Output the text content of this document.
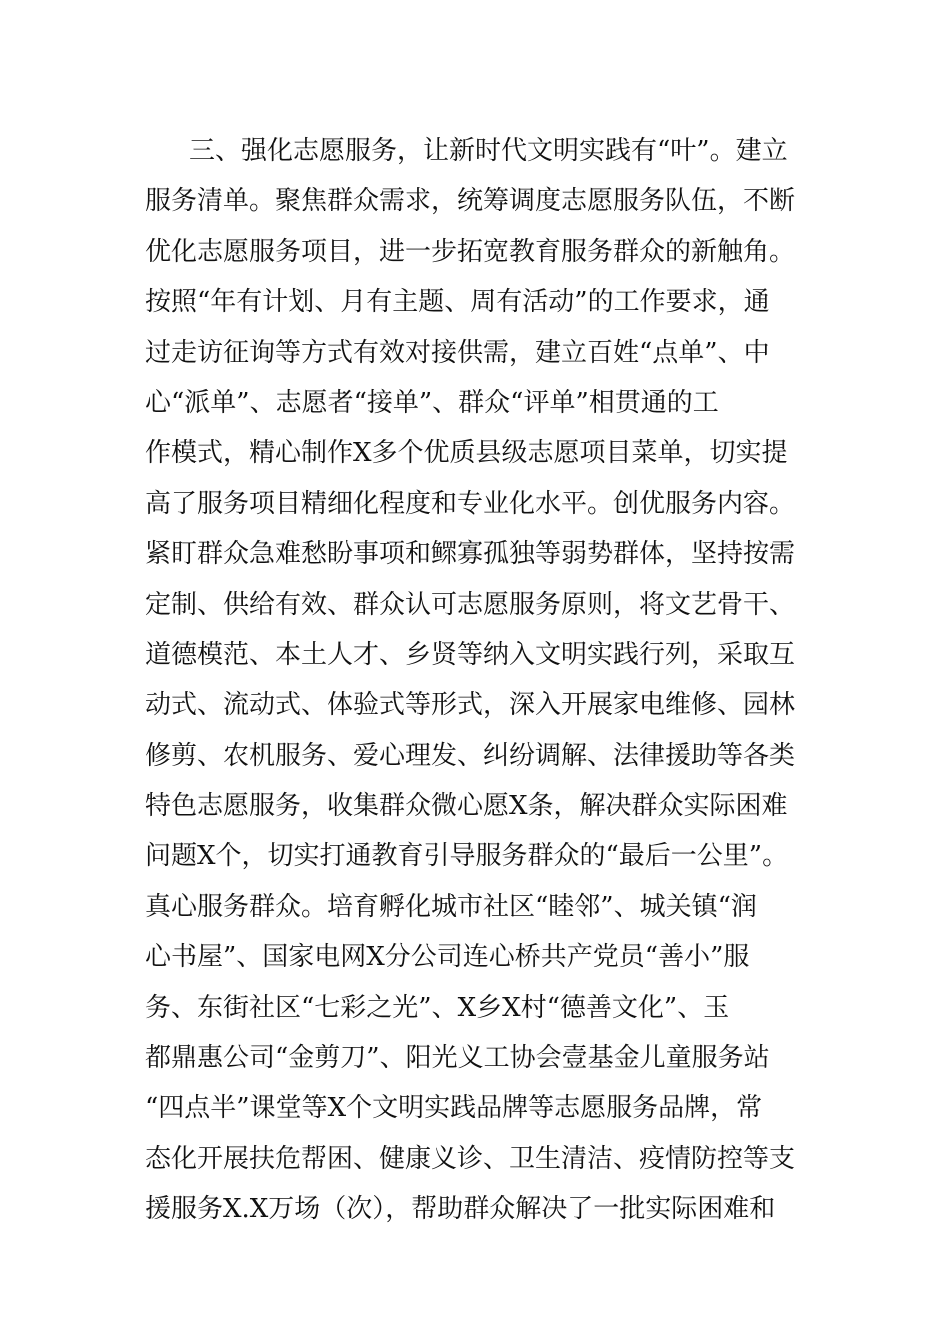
三、强化志愿服务，让新时代文明实践有“叶”。建立
服务清单。聚焦群众需求，统筹调度志愿服务队伍，不断
优化志愿服务项目，进一步拓宽教育服务群众的新触角。
按照“年有计划、月有主题、周有活动”的工作要求，通
过走访征询等方式有效对接供需，建立百姓“点单”、中
心“派单”、志愿者“接单”、群众“评单”相贯通的工
作模式，精心制作X多个优质县级志愿项目菜单，切实提
高了服务项目精细化程度和专业化水平。创优服务内容。
紧盯群众急难愁盼事项和鳏寡孤独等弱势群体，坚持按需
定制、供给有效、群众认可志愿服务原则，将文艺骨干、
道德模范、本土人才、乡贤等纳入文明实践行列，采取互
动式、流动式、体验式等形式，深入开展家电维修、园林
修剪、农机服务、爱心理发、纠纷调解、法律援助等各类
特色志愿服务，收集群众微心愿X条，解决群众实际困难
问题X个，切实打通教育引导服务群众的“最后一公里”。
真心服务群众。培育孵化城市社区“睦邻”、城关镇“润
心书屋”、国家电网X分公司连心桥共产党员“善小”服
务、东街社区“七彩之光”、X乡X村“德善文化”、玉
都鼎惠公司“金剪刀”、阳光义工协会壹基金儿童服务站
“四点半”课堂等X个文明实践品牌等志愿服务品牌，常
态化开展扶危帮困、健康义诊、卫生清洁、疫情防控等支
援服务X.X万场（次），帮助群众解决了一批实际困难和
